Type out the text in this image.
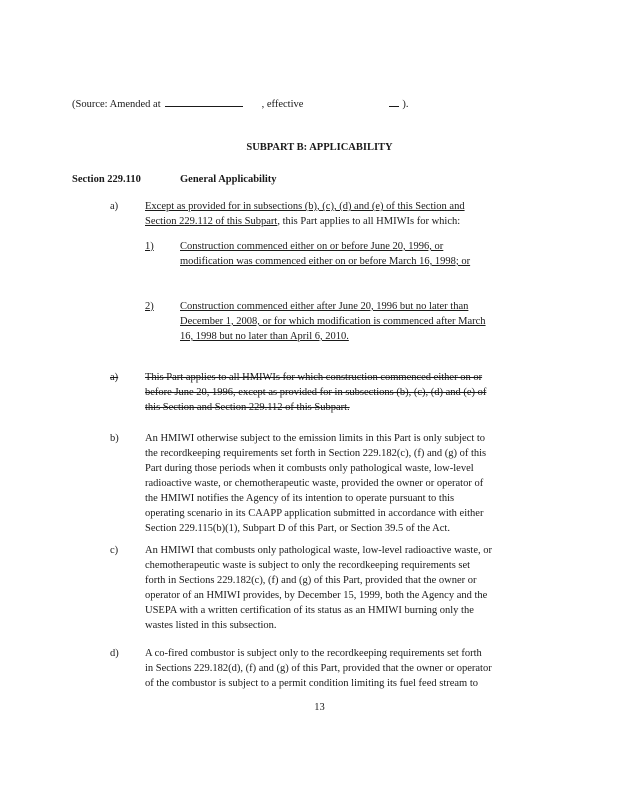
(Source: Amended at	, effective	).
SUBPART B: APPLICABILITY
Section 229.110	General Applicability
a)	Except as provided for in subsections (b), (c), (d) and (e) of this Section and
Section 229.112 of this Subpart, this Part applies to all HMIWIs for which:
1)	Construction commenced either on or before June 20, 1996, or
modification was commenced either on or before March 16, 1998; or
2)	Construction commenced either after June 20, 1996 but no later than
December 1, 2008, or for which modification is commenced after March
16, 1998 but no later than April 6, 2010.
a)	This Part applies to all HMIWIs for which construction commenced either on or
before June 20, 1996, except as provided for in subsections (b), (c), (d) and (e) of
this Section and Section 229.112 of this Subpart.
b)	An HMIWI otherwise subject to the emission limits in this Part is only subject to
the recordkeeping requirements set forth in Section 229.182(c), (f) and (g) of this
Part during those periods when it combusts only pathological waste, low-level
radioactive waste, or chemotherapeutic waste, provided the owner or operator of
the HMIWI notifies the Agency of its intention to operate pursuant to this
operating scenario in its CAAPP application submitted in accordance with either
Section 229.115(b)(1), Subpart D of this Part, or Section 39.5 of the Act.
c)	An HMIWI that combusts only pathological waste, low-level radioactive waste, or
chemotherapeutic waste is subject to only the recordkeeping requirements set
forth in Sections 229.182(c), (f) and (g) of this Part, provided that the owner or
operator of an HMIWI provides, by December 15, 1999, both the Agency and the
USEPA with a written certification of its status as an HMIWI burning only the
wastes listed in this subsection.
d)	A co-fired combustor is subject only to the recordkeeping requirements set forth
in Sections 229.182(d), (f) and (g) of this Part, provided that the owner or operator
of the combustor is subject to a permit condition limiting its fuel feed stream to
13
